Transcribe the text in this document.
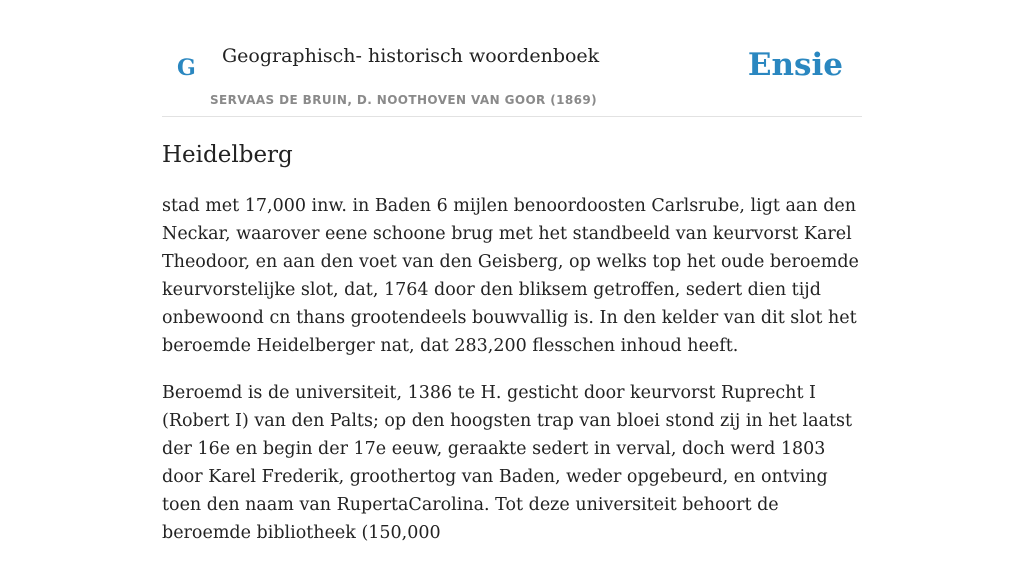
G Geographisch- historisch woordenboek
SERVAAS DE BRUIN, D. NOOTHOVEN VAN GOOR (1869)
Ensie
Heidelberg

stad met 17,000 inw. in Baden 6 mijlen benoordoosten Carlsrube, ligt aan den Neckar, waarover eene schoone brug met het standbeeld van keurvorst Karel Theodoor, en aan den voet van den Geisberg, op welks top het oude beroemde keurvorstelijke slot, dat, 1764 door den bliksem getroffen, sedert dien tijd onbewoond cn thans grootendeels bouwvallig is. In den kelder van dit slot het beroemde Heidelberger nat, dat 283,200 flesschen inhoud heeft.

Beroemd is de universiteit, 1386 te H. gesticht door keurvorst Ruprecht I (Robert I) van den Palts; op den hoogsten trap van bloei stond zij in het laatst der 16e en begin der 17e eeuw, geraakte sedert in verval, doch werd 1803 door Karel Frederik, groothertog van Baden, weder opgebeurd, en ontving toen den naam van RupertaCarolina. Tot deze universiteit behoort de beroemde bibliotheek (150,000
